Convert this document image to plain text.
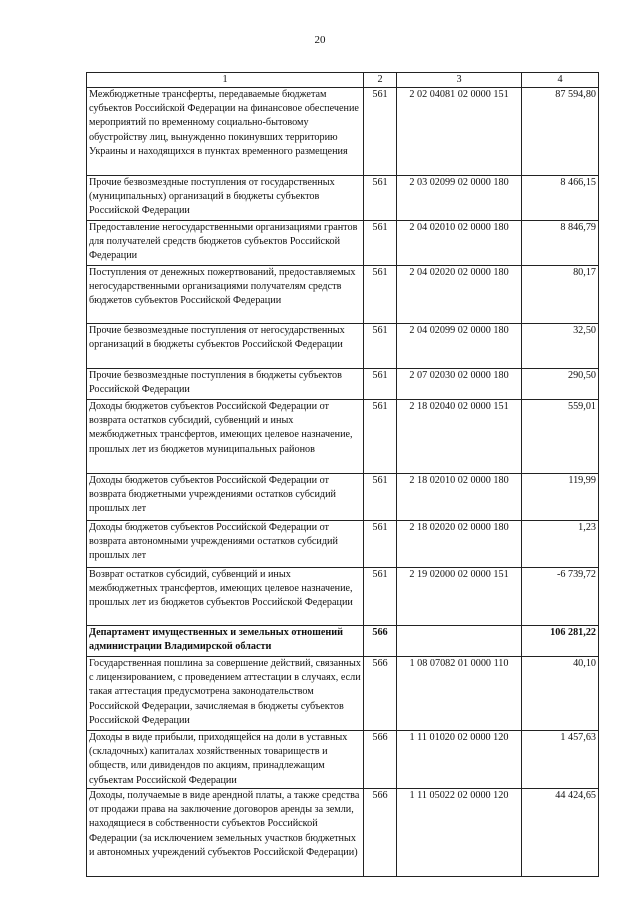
20
1	2	3	4
Межбюджетные трансферты, передаваемые бюджетам субъектов Российской Федерации на финансовое обеспечение мероприятий по временному социально-бытовому обустройству лиц, вынужденно покинувших территорию Украины и находящихся в пунктах временного размещения	561	2 02 04081 02 0000 151	87 594,80
Прочие безвозмездные поступления от государственных (муниципальных) организаций в бюджеты субъектов Российской Федерации	561	2 03 02099 02 0000 180	8 466,15
Предоставление негосударственными организациями грантов для получателей средств бюджетов субъектов Российской Федерации	561	2 04 02010 02 0000 180	8 846,79
Поступления от денежных пожертвований, предоставляемых негосударственными организациями получателям средств бюджетов субъектов Российской Федерации	561	2 04 02020 02 0000 180	80,17
Прочие безвозмездные поступления от негосударственных организаций в бюджеты субъектов Российской Федерации	561	2 04 02099 02 0000 180	32,50
Прочие безвозмездные поступления в бюджеты субъектов Российской Федерации	561	2 07 02030 02 0000 180	290,50
Доходы бюджетов субъектов Российской Федерации от возврата остатков субсидий, субвенций и иных межбюджетных трансфертов, имеющих целевое назначение, прошлых лет из бюджетов муниципальных районов	561	2 18 02040 02 0000 151	559,01
Доходы бюджетов субъектов Российской Федерации от возврата бюджетными учреждениями остатков субсидий прошлых лет	561	2 18 02010 02 0000 180	119,99
Доходы бюджетов субъектов Российской Федерации от возврата автономными учреждениями остатков субсидий прошлых лет	561	2 18 02020 02 0000 180	1,23
Возврат остатков субсидий, субвенций и иных межбюджетных трансфертов, имеющих целевое назначение, прошлых лет из бюджетов субъектов Российской Федерации	561	2 19 02000 02 0000 151	-6 739,72
Департамент имущественных и земельных отношений администрации Владимирской области	566		106 281,22
Государственная пошлина за совершение действий, связанных с лицензированием, с проведением аттестации в случаях, если такая аттестация предусмотрена законодательством Российской Федерации, зачисляемая в бюджеты субъектов Российской Федерации	566	1 08 07082 01 0000 110	40,10
Доходы в виде прибыли, приходящейся на доли в уставных (складочных) капиталах хозяйственных товариществ и обществ, или дивидендов по акциям, принадлежащим субъектам Российской Федерации	566	1 11 01020 02 0000 120	1 457,63
Доходы, получаемые в виде арендной платы, а также средства от продажи права на заключение договоров аренды за земли, находящиеся в собственности субъектов Российской Федерации (за исключением земельных участков бюджетных и автономных учреждений субъектов Российской Федерации)	566	1 11 05022 02 0000 120	44 424,65
